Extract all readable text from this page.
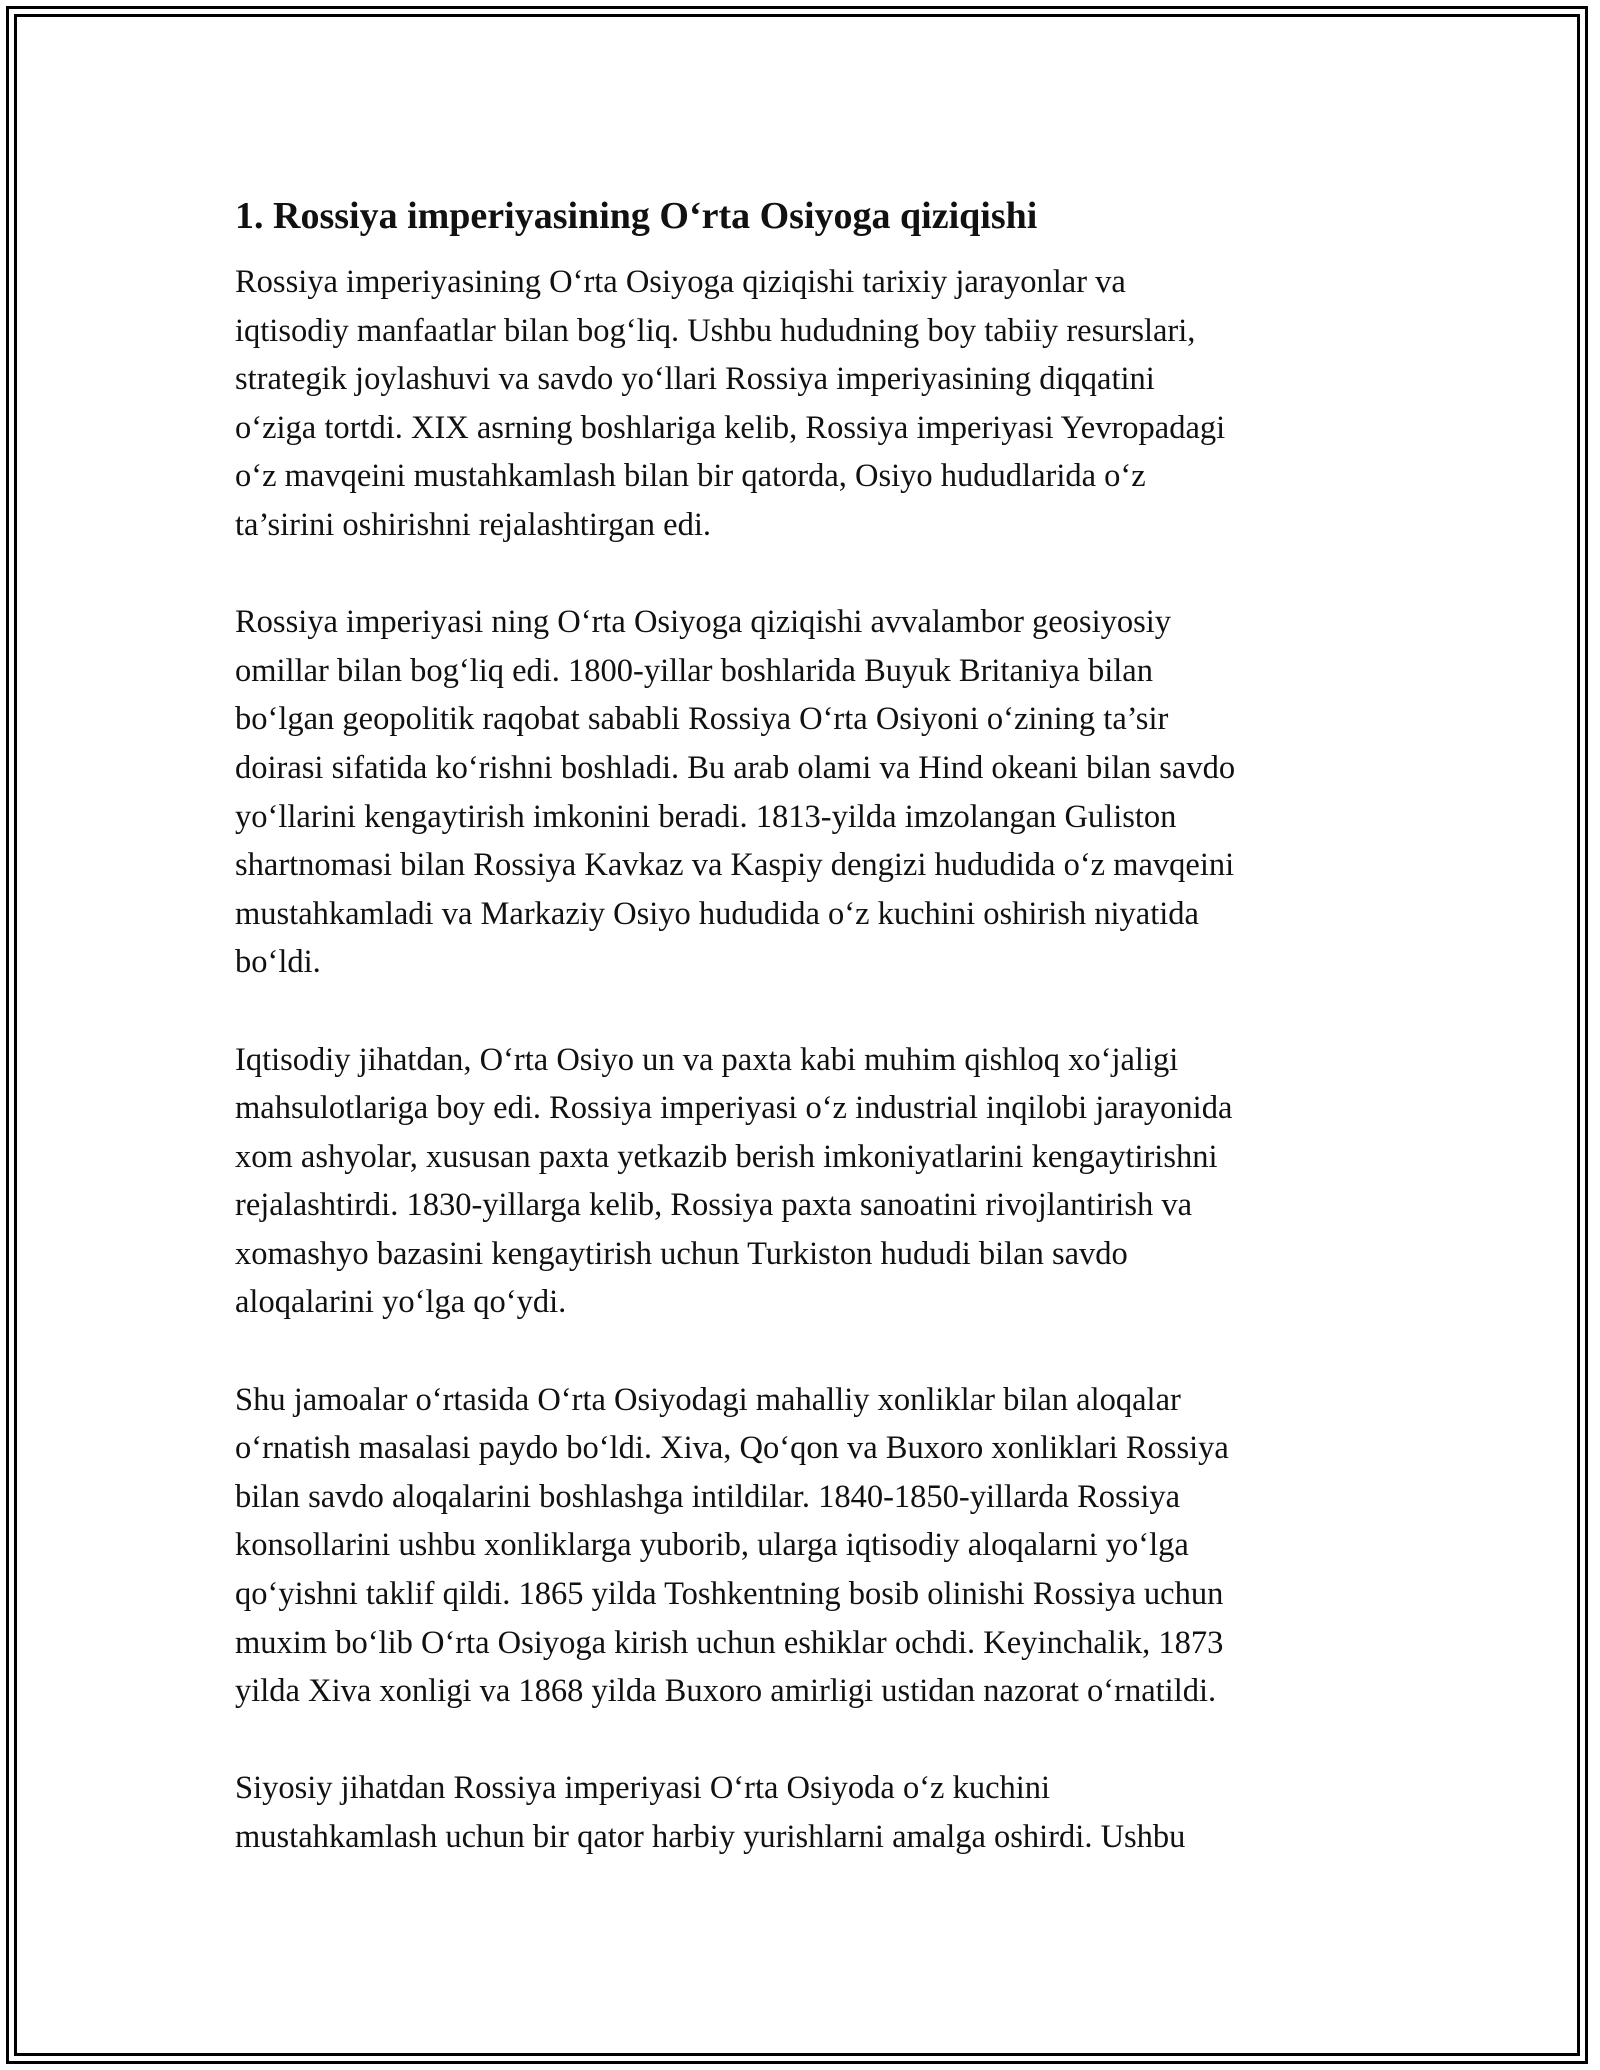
1. Rossiya imperiyasining O‘rta Osiyoga qiziqishi

Rossiya imperiyasining O‘rta Osiyoga qiziqishi tarixiy jarayonlar va
iqtisodiy manfaatlar bilan bog‘liq. Ushbu hududning boy tabiiy resurslari,
strategik joylashuvi va savdo yo‘llari Rossiya imperiyasining diqqatini
o‘ziga tortdi. XIX asrning boshlariga kelib, Rossiya imperiyasi Yevropadagi
o‘z mavqeini mustahkamlash bilan bir qatorda, Osiyo hududlarida o‘z
ta’sirini oshirishni rejalashtirgan edi.

Rossiya imperiyasi ning O‘rta Osiyoga qiziqishi avvalambor geosiyosiy
omillar bilan bog‘liq edi. 1800-yillar boshlarida Buyuk Britaniya bilan
bo‘lgan geopolitik raqobat sababli Rossiya O‘rta Osiyoni o‘zining ta’sir
doirasi sifatida ko‘rishni boshladi. Bu arab olami va Hind okeani bilan savdo
yo‘llarini kengaytirish imkonini beradi. 1813-yilda imzolangan Guliston
shartnomasi bilan Rossiya Kavkaz va Kaspiy dengizi hududida o‘z mavqeini
mustahkamladi va Markaziy Osiyo hududida o‘z kuchini oshirish niyatida
bo‘ldi.

Iqtisodiy jihatdan, O‘rta Osiyo un va paxta kabi muhim qishloq xo‘jaligi
mahsulotlariga boy edi. Rossiya imperiyasi o‘z industrial inqilobi jarayonida
xom ashyolar, xususan paxta yetkazib berish imkoniyatlarini kengaytirishni
rejalashtirdi. 1830-yillarga kelib, Rossiya paxta sanoatini rivojlantirish va
xomashyo bazasini kengaytirish uchun Turkiston hududi bilan savdo
aloqalarini yo‘lga qo‘ydi.

Shu jamoalar o‘rtasida O‘rta Osiyodagi mahalliy xonliklar bilan aloqalar
o‘rnatish masalasi paydo bo‘ldi. Xiva, Qo‘qon va Buxoro xonliklari Rossiya
bilan savdo aloqalarini boshlashga intildilar. 1840-1850-yillarda Rossiya
konsollarini ushbu xonliklarga yuborib, ularga iqtisodiy aloqalarni yo‘lga
qo‘yishni taklif qildi. 1865 yilda Toshkentning bosib olinishi Rossiya uchun
muxim bo‘lib O‘rta Osiyoga kirish uchun eshiklar ochdi. Keyinchalik, 1873
yilda Xiva xonligi va 1868 yilda Buxoro amirligi ustidan nazorat o‘rnatildi.

Siyosiy jihatdan Rossiya imperiyasi O‘rta Osiyoda o‘z kuchini
mustahkamlash uchun bir qator harbiy yurishlarni amalga oshirdi. Ushbu
